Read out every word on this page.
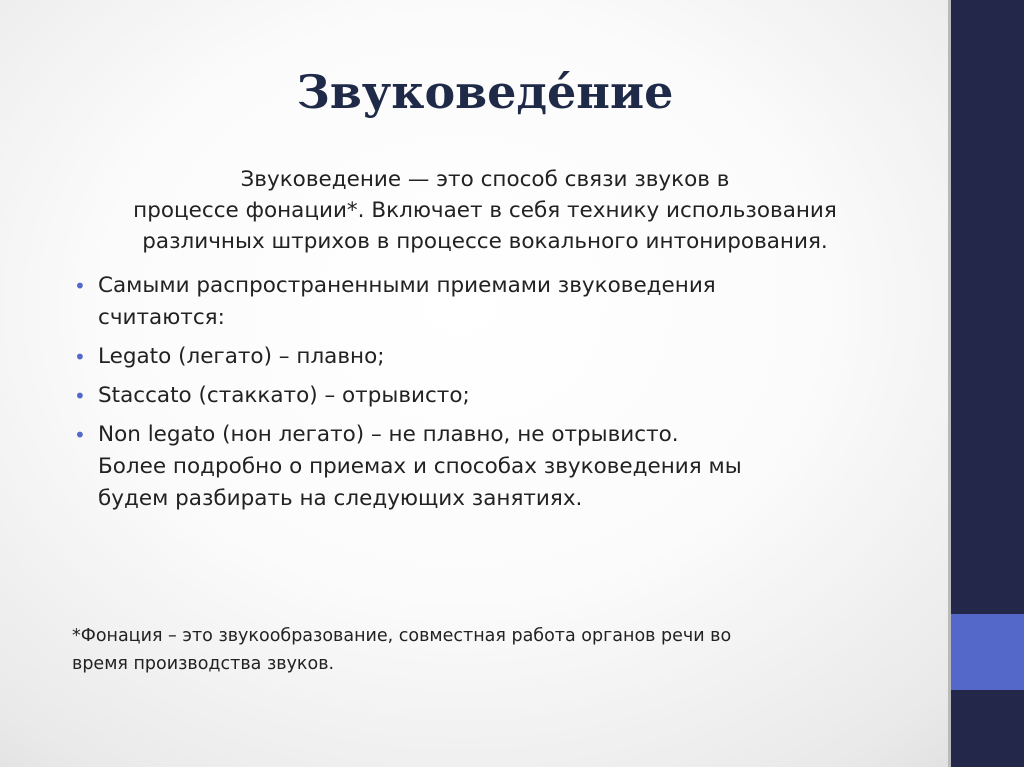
Звуковедéние
Звуковедение — это способ связи звуков в
процессе фонации*. Включает в себя технику использования
различных штрихов в процессе вокального интонирования.
• Самыми распространенными приемами звуковедения
считаются:
• Legato (легато) – плавно;
• Staccato (стаккато) – отрывисто;
• Non legato (нон легато) – не плавно, не отрывисто.
Более подробно о приемах и способах звуковедения мы
будем разбирать на следующих занятиях.
*Фонация – это звукообразование, совместная работа органов речи во
время производства звуков.
